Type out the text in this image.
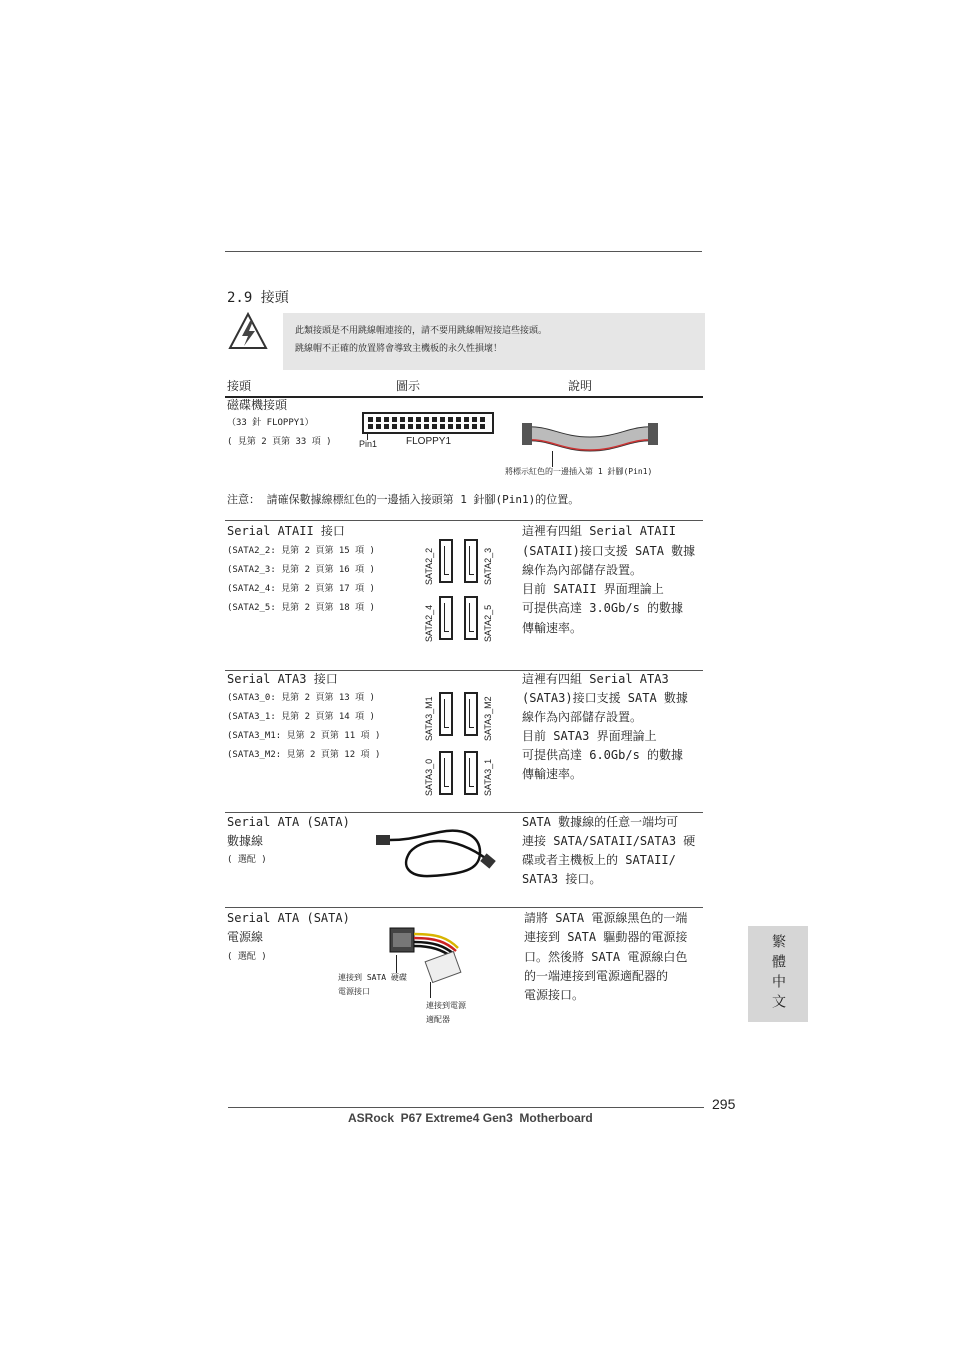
2.9 接頭
此類接頭是不用跳線帽連接的，請不要用跳線帽短接這些接頭。
跳線帽不正確的放置將會導致主機板的永久性損壞！
接頭	圖示	說明
磁碟機接頭
（33 針 FLOPPY1）
( 見第 2 頁第 33 項 )	Pin1	FLOPPY1
將標示紅色的一邊插入第 1 針腳(Pin1)
注意： 請確保數據線標紅色的一邊插入接頭第 1 針腳(Pin1)的位置。
Serial ATAII 接口
(SATA2_2: 見第 2 頁第 15 項 )
(SATA2_3: 見第 2 頁第 16 項 )
(SATA2_4: 見第 2 頁第 17 項 )
(SATA2_5: 見第 2 頁第 18 項 )
SATA2_2	SATA2_3
SATA2_4	SATA2_5
這裡有四組 Serial ATAII
(SATAII)接口支援 SATA 數據
線作為內部儲存設置。
目前 SATAII 界面理論上
可提供高達 3.0Gb/s 的數據
傳輸速率。
Serial ATA3 接口
(SATA3_0: 見第 2 頁第 13 項 )
(SATA3_1: 見第 2 頁第 14 項 )
(SATA3_M1: 見第 2 頁第 11 項 )
(SATA3_M2: 見第 2 頁第 12 項 )
SATA3_M1	SATA3_M2
SATA3_0	SATA3_1
這裡有四組 Serial ATA3
(SATA3)接口支援 SATA 數據
線作為內部儲存設置。
目前 SATA3 界面理論上
可提供高達 6.0Gb/s 的數據
傳輸速率。
Serial ATA (SATA)
數據線
( 選配 )
SATA 數據線的任意一端均可
連接 SATA/SATAII/SATA3 硬
碟或者主機板上的 SATAII/
SATA3 接口。
Serial ATA (SATA)
電源線
( 選配 )
連接到 SATA 硬碟
電源接口
連接到電源
適配器
請將 SATA 電源線黑色的一端
連接到 SATA 驅動器的電源接
口。然後將 SATA 電源線白色
的一端連接到電源適配器的
電源接口。	繁體中文
295
ASRock  P67 Extreme4 Gen3  Motherboard
